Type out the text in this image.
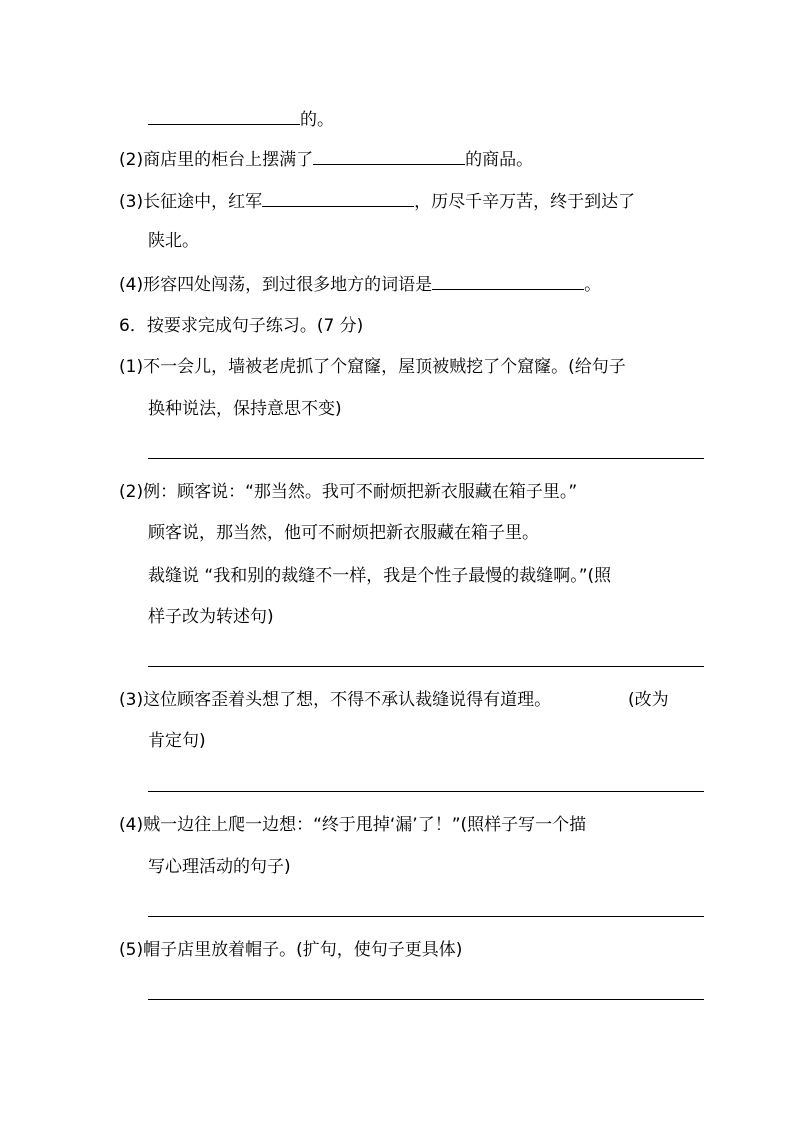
的。
(2)商店里的柜台上摆满了	的商品。
(3)长征途中，红军	，历尽千辛万苦，终于到达了
陕北。
(4)形容四处闯荡，到过很多地方的词语是	。
6．按要求完成句子练习。(7 分)
(1)不一会儿，墙被老虎抓了个窟窿，屋顶被贼挖了个窟窿。(给句子
换种说法，保持意思不变)
(2)例：顾客说：“那当然。我可不耐烦把新衣服藏在箱子里。”
顾客说，那当然，他可不耐烦把新衣服藏在箱子里。
裁缝说 “我和别的裁缝不一样，我是个性子最慢的裁缝啊。”(照
样子改为转述句)
(3)这位顾客歪着头想了想，不得不承认裁缝说得有道理。	(改为
肯定句)
(4)贼一边往上爬一边想：“终于甩掉‘漏’了！”(照样子写一个描
写心理活动的句子)
(5)帽子店里放着帽子。(扩句，使句子更具体)
